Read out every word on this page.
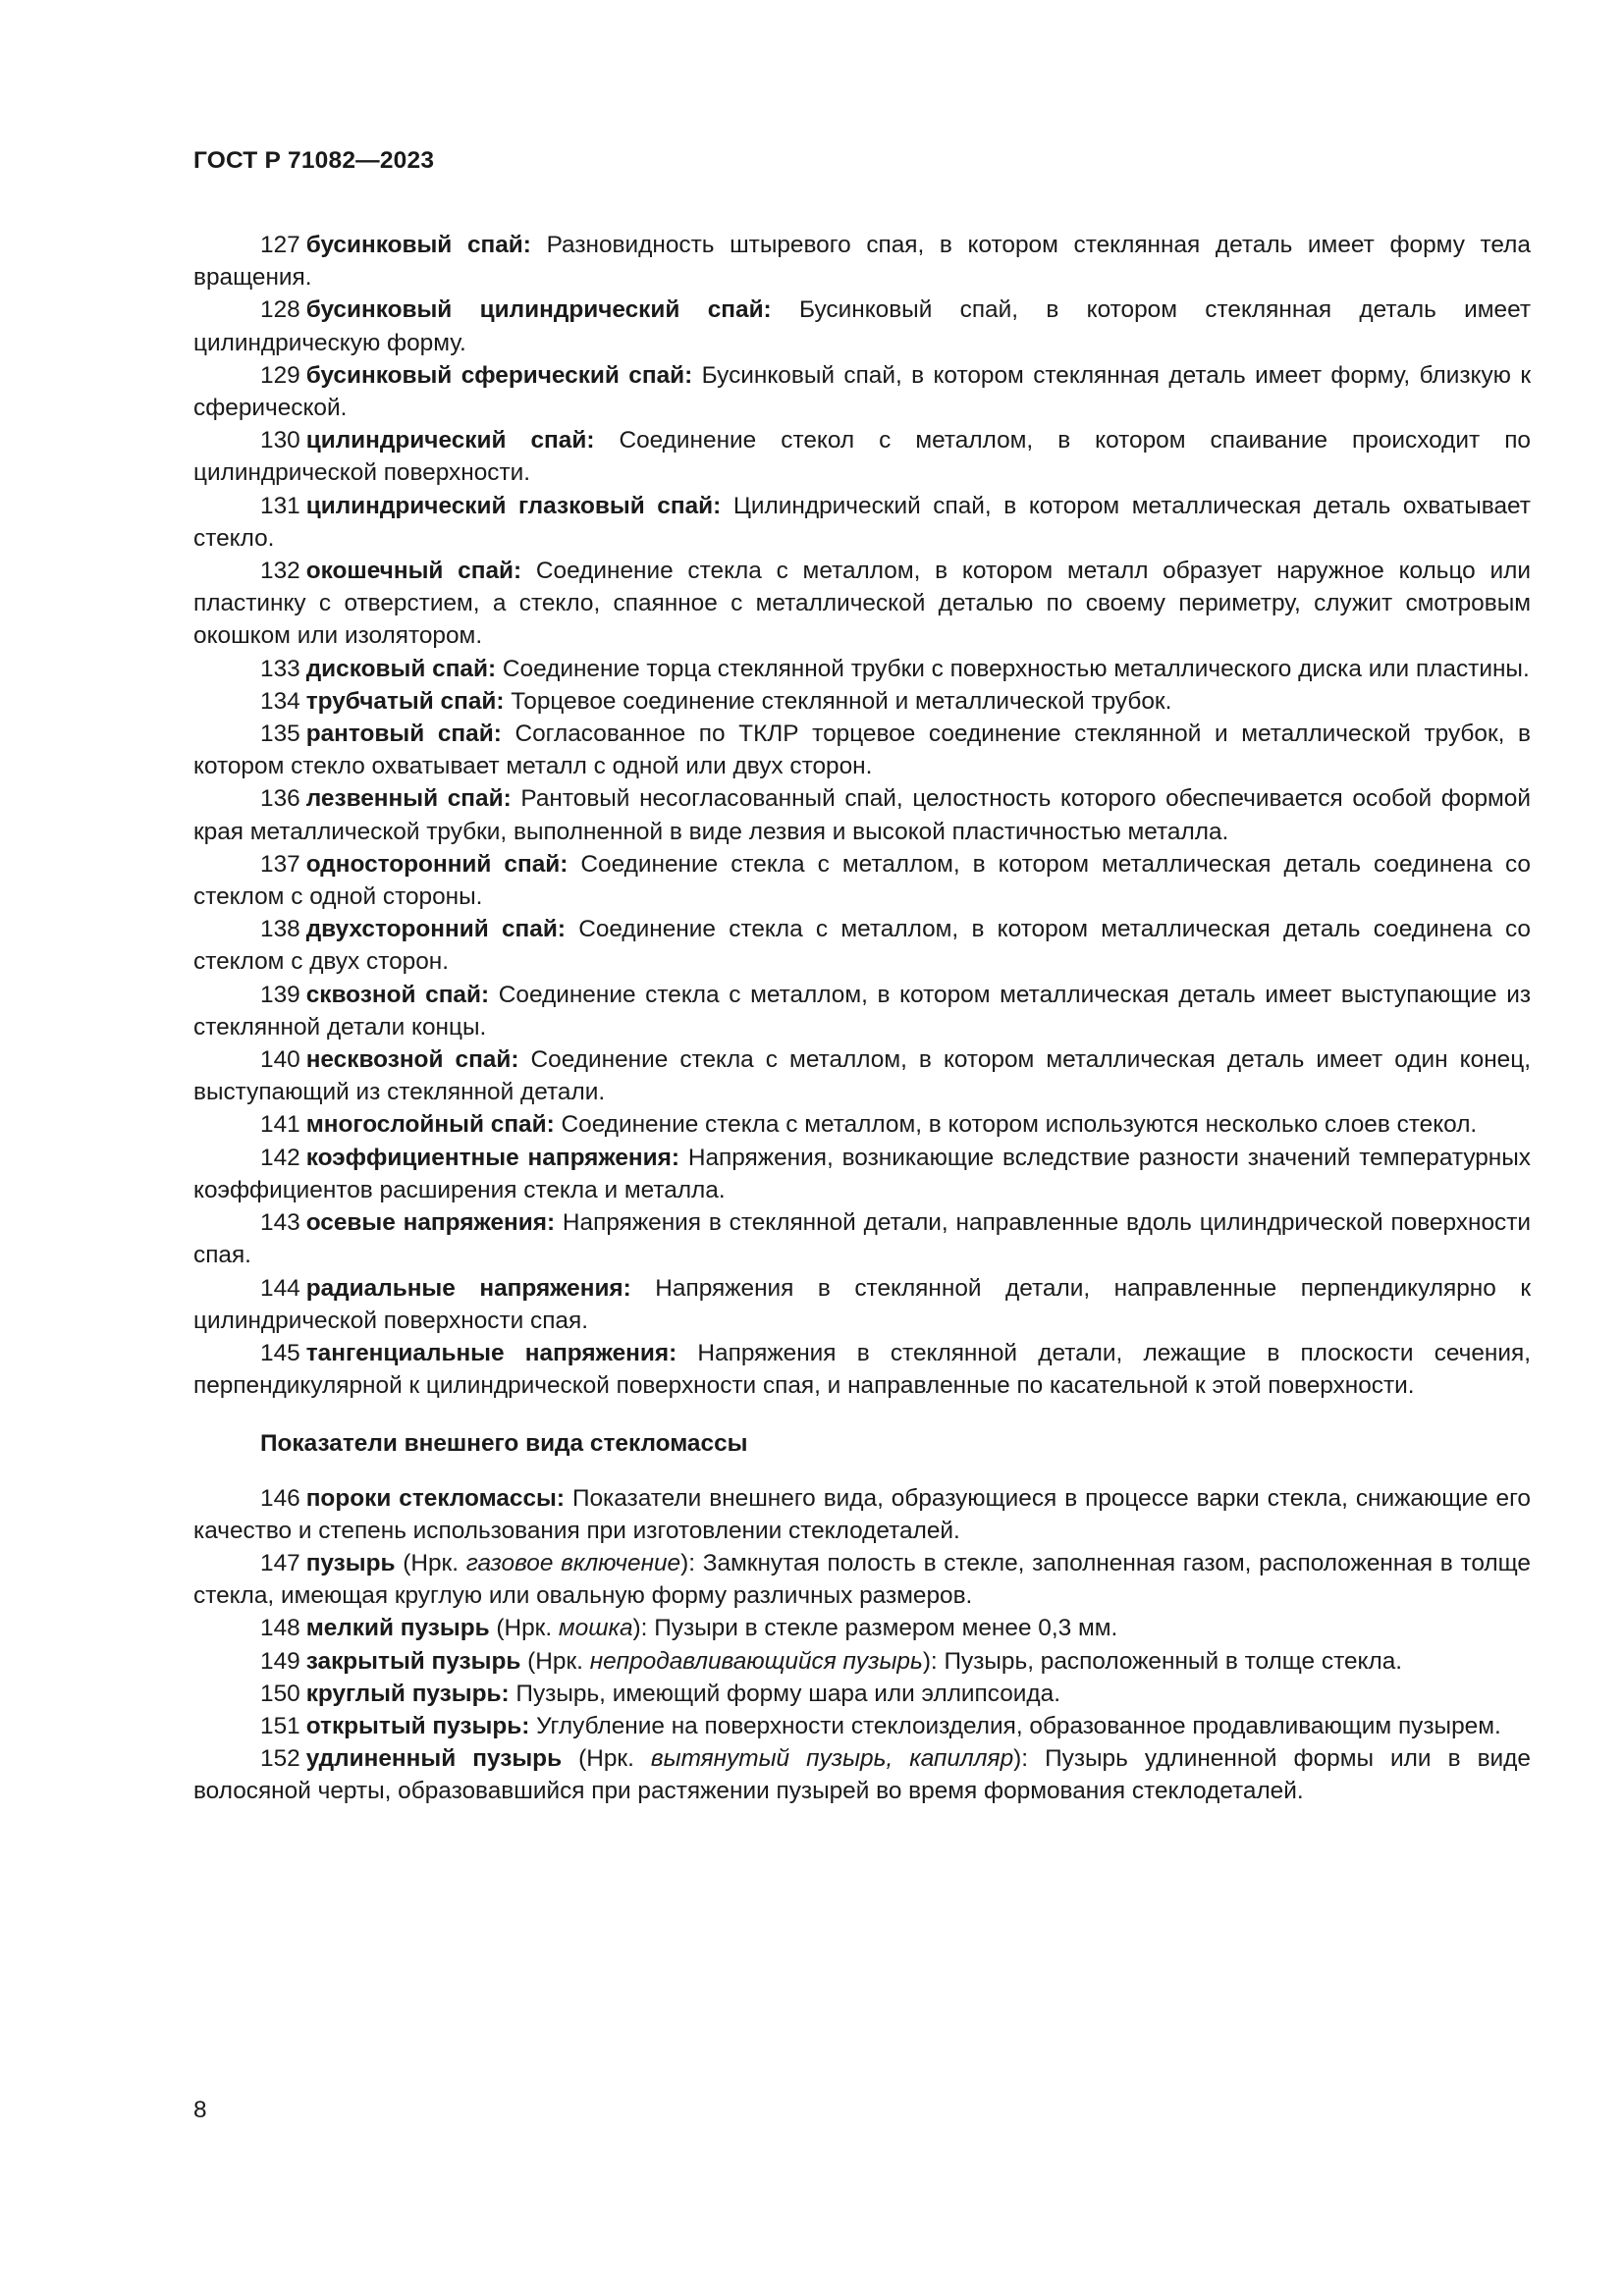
ГОСТ Р 71082—2023

127 бусинковый спай: Разновидность штыревого спая, в котором стеклянная деталь имеет форму тела вращения.

128 бусинковый цилиндрический спай: Бусинковый спай, в котором стеклянная деталь имеет цилиндрическую форму.

129 бусинковый сферический спай: Бусинковый спай, в котором стеклянная деталь имеет форму, близкую к сферической.

130 цилиндрический спай: Соединение стекол с металлом, в котором спаивание происходит по цилиндрической поверхности.

131 цилиндрический глазковый спай: Цилиндрический спай, в котором металлическая деталь охватывает стекло.

132 окошечный спай: Соединение стекла с металлом, в котором металл образует наружное кольцо или пластинку с отверстием, а стекло, спаянное с металлической деталью по своему периметру, служит смотровым окошком или изолятором.

133 дисковый спай: Соединение торца стеклянной трубки с поверхностью металлического диска или пластины.

134 трубчатый спай: Торцевое соединение стеклянной и металлической трубок.

135 рантовый спай: Согласованное по ТКЛР торцевое соединение стеклянной и металлической трубок, в котором стекло охватывает металл с одной или двух сторон.

136 лезвенный спай: Рантовый несогласованный спай, целостность которого обеспечивается особой формой края металлической трубки, выполненной в виде лезвия и высокой пластичностью металла.

137 односторонний спай: Соединение стекла с металлом, в котором металлическая деталь соединена со стеклом с одной стороны.

138 двухсторонний спай: Соединение стекла с металлом, в котором металлическая деталь соединена со стеклом с двух сторон.

139 сквозной спай: Соединение стекла с металлом, в котором металлическая деталь имеет выступающие из стеклянной детали концы.

140 несквозной спай: Соединение стекла с металлом, в котором металлическая деталь имеет один конец, выступающий из стеклянной детали.

141 многослойный спай: Соединение стекла с металлом, в котором используются несколько слоев стекол.

142 коэффициентные напряжения: Напряжения, возникающие вследствие разности значений температурных коэффициентов расширения стекла и металла.

143 осевые напряжения: Напряжения в стеклянной детали, направленные вдоль цилиндрической поверхности спая.

144 радиальные напряжения: Напряжения в стеклянной детали, направленные перпендикулярно к цилиндрической поверхности спая.

145 тангенциальные напряжения: Напряжения в стеклянной детали, лежащие в плоскости сечения, перпендикулярной к цилиндрической поверхности спая, и направленные по касательной к этой поверхности.

Показатели внешнего вида стекломассы

146 пороки стекломассы: Показатели внешнего вида, образующиеся в процессе варки стекла, снижающие его качество и степень использования при изготовлении стеклодеталей.

147 пузырь (Нрк. газовое включение): Замкнутая полость в стекле, заполненная газом, расположенная в толще стекла, имеющая круглую или овальную форму различных размеров.

148 мелкий пузырь (Нрк. мошка): Пузыри в стекле размером менее 0,3 мм.

149 закрытый пузырь (Нрк. непродавливающийся пузырь): Пузырь, расположенный в толще стекла.

150 круглый пузырь: Пузырь, имеющий форму шара или эллипсоида.

151 открытый пузырь: Углубление на поверхности стеклоизделия, образованное продавливающим пузырем.

152 удлиненный пузырь (Нрк. вытянутый пузырь, капилляр): Пузырь удлиненной формы или в виде волосяной черты, образовавшийся при растяжении пузырей во время формования стеклодеталей.

8
